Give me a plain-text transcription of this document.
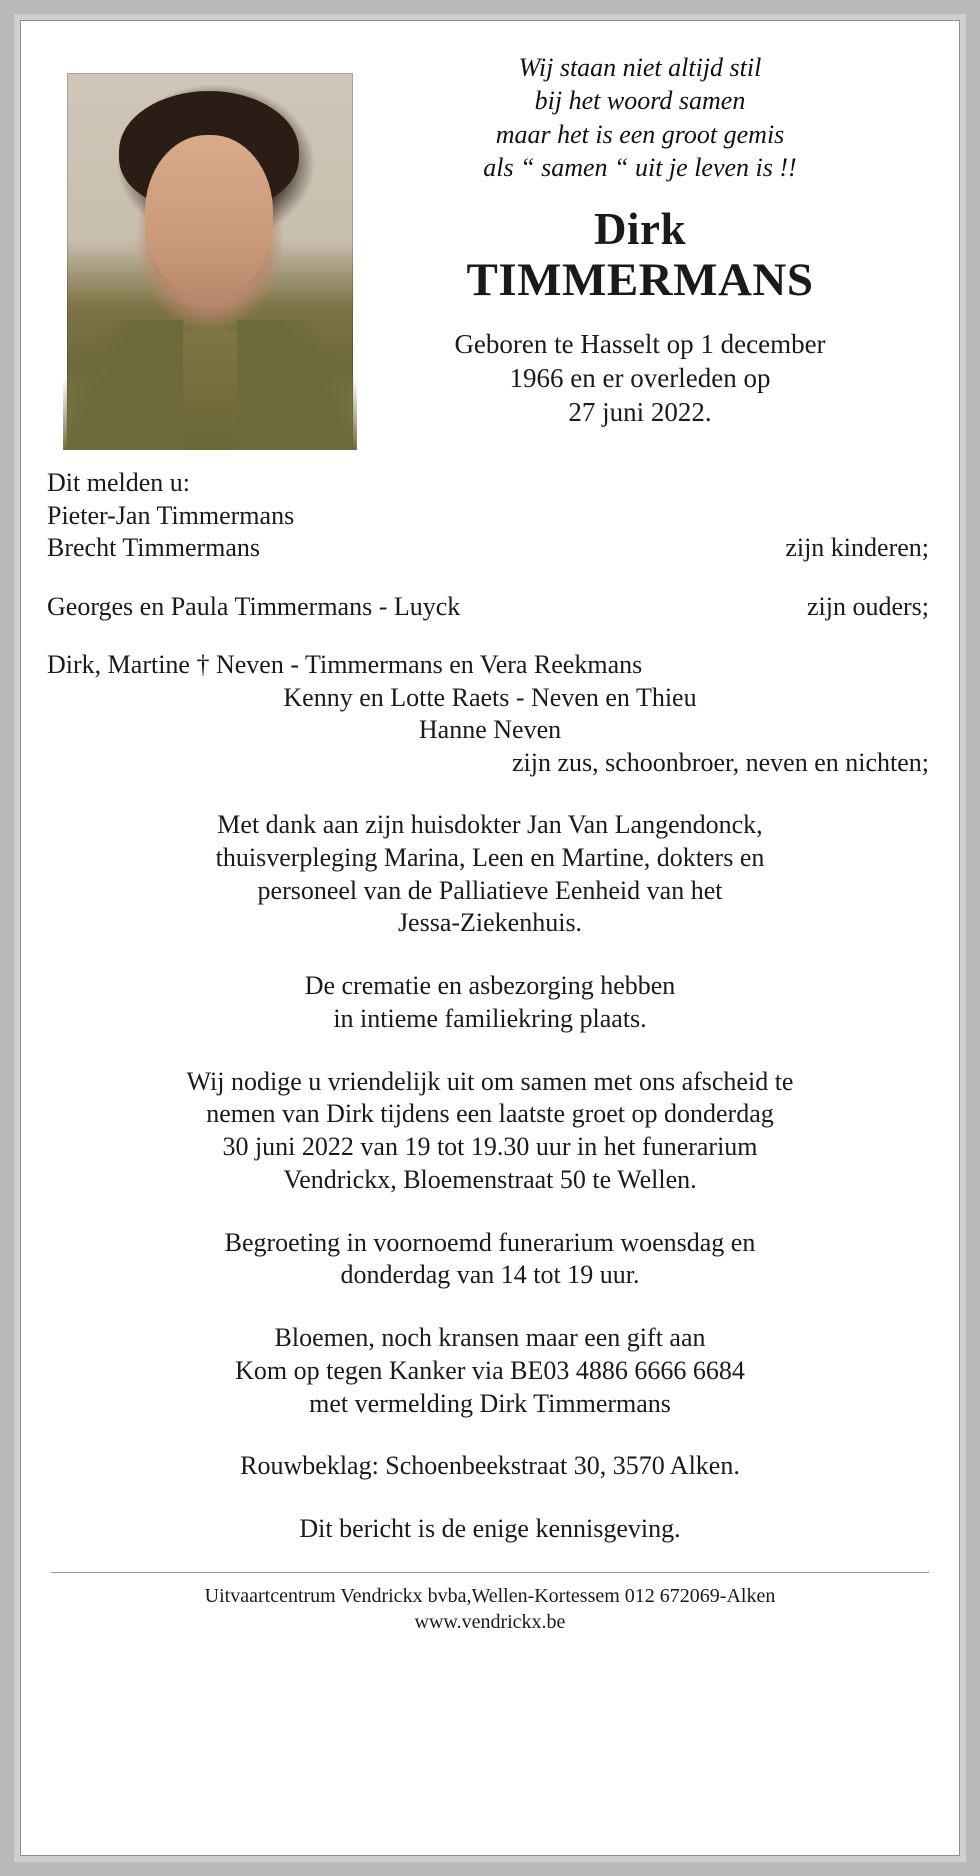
Wij staan niet altijd stil
bij het woord samen
maar het is een groot gemis
als “ samen “ uit je leven is !!
Dirk
TIMMERMANS
Geboren te Hasselt op 1 december
1966 en er overleden op
27 juni 2022.
Dit melden u:
Pieter-Jan Timmermans
Brecht Timmermans	zijn kinderen;
Georges en Paula Timmermans - Luyck	zijn ouders;
Dirk, Martine † Neven - Timmermans en Vera Reekmans
Kenny en Lotte Raets - Neven en Thieu
Hanne Neven
zijn zus, schoonbroer, neven en nichten;
Met dank aan zijn huisdokter Jan Van Langendonck,
thuisverpleging Marina, Leen en Martine, dokters en
personeel van de Palliatieve Eenheid van het
Jessa-Ziekenhuis.
De crematie en asbezorging hebben
in intieme familiekring plaats.
Wij nodige u vriendelijk uit om samen met ons afscheid te
nemen van Dirk tijdens een laatste groet op donderdag
30 juni 2022 van 19 tot 19.30 uur in het funerarium
Vendrickx, Bloemenstraat 50 te Wellen.
Begroeting in voornoemd funerarium woensdag en
donderdag van 14 tot 19 uur.
Bloemen, noch kransen maar een gift aan
Kom op tegen Kanker via BE03 4886 6666 6684
met vermelding Dirk Timmermans
Rouwbeklag: Schoenbeekstraat 30, 3570 Alken.
Dit bericht is de enige kennisgeving.
Uitvaartcentrum Vendrickx bvba,Wellen-Kortessem 012 672069-Alken
www.vendrickx.be
